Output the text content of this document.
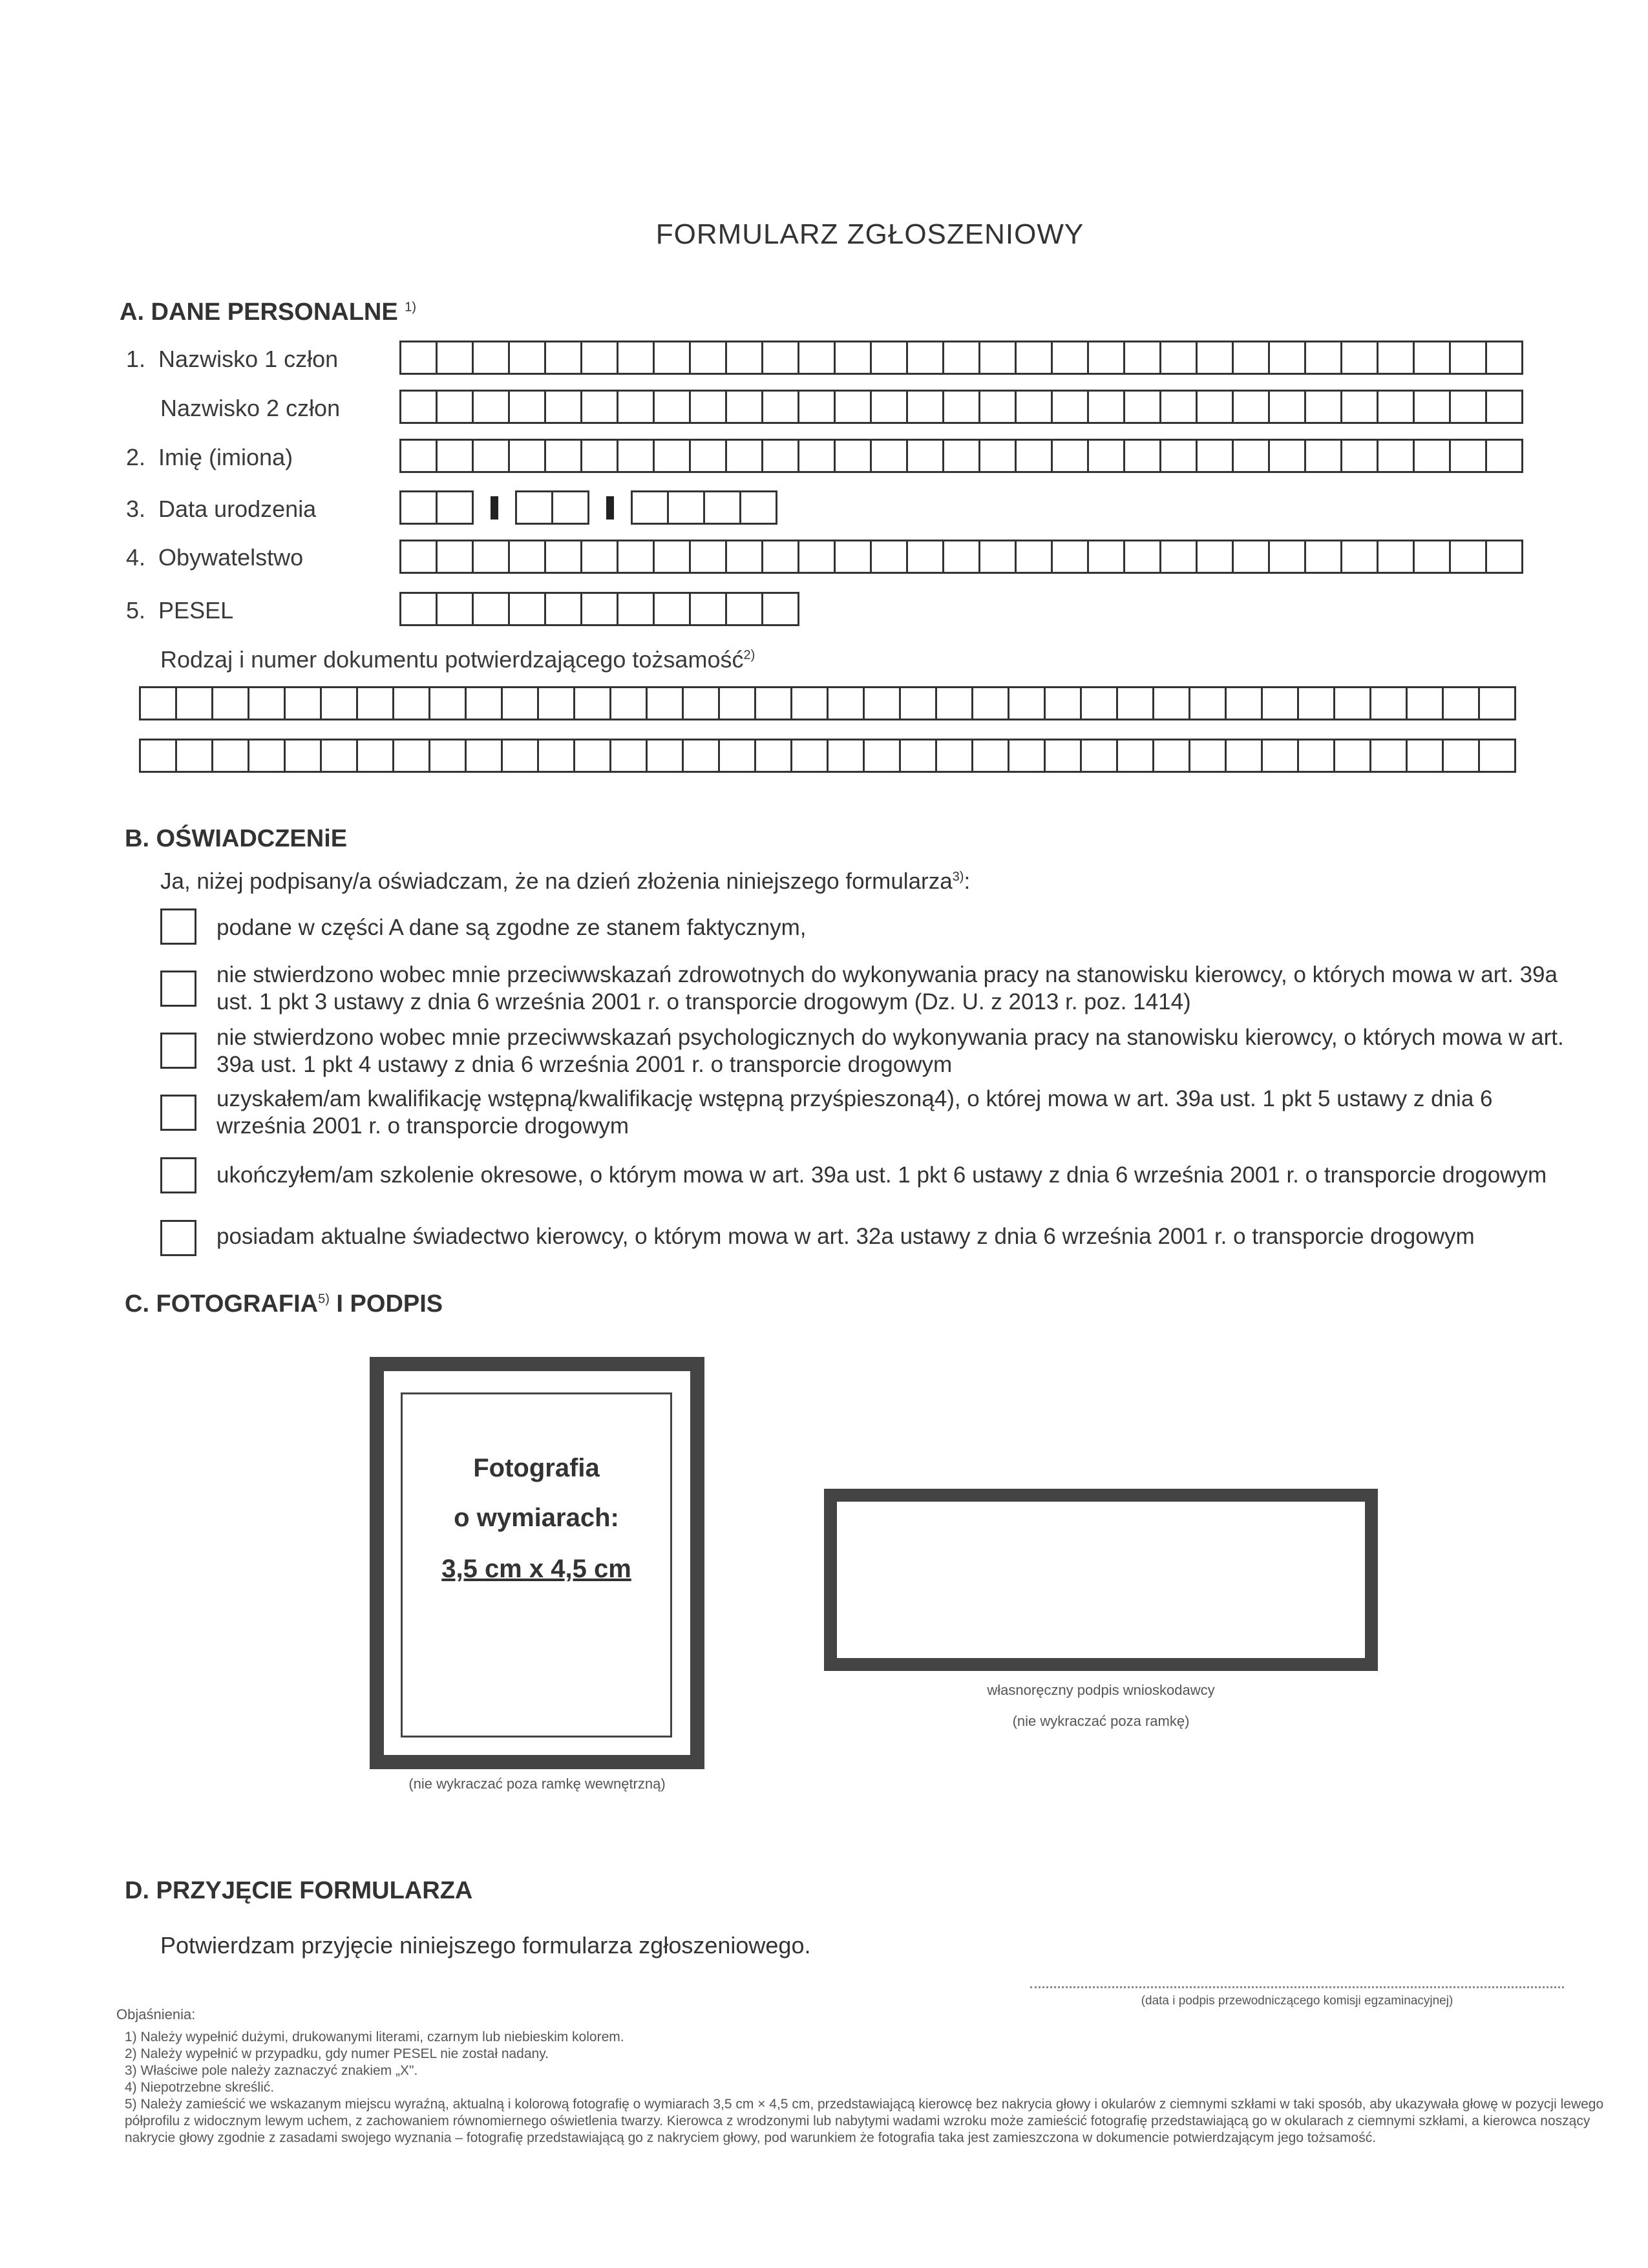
FORMULARZ ZGŁOSZENIOWY
A. DANE PERSONALNE $^{1)}$
1. Nazwisko 1 człon
Nazwisko 2 człon
2. Imię (imiona)
3. Data urodzenia
4. Obywatelstwo
5. PESEL
Rodzaj i numer dokumentu potwierdzającego tożsamość$^{2)}$
B. OŚWIADCZENiE
Ja, niżej podpisany/a oświadczam, że na dzień złożenia niniejszego formularza$^{3)}$:
podane w części A dane są zgodne ze stanem faktycznym,
nie stwierdzono wobec mnie przeciwwskazań zdrowotnych do wykonywania pracy na stanowisku kierowcy, o których mowa w art. 39a ust. 1 pkt 3 ustawy z dnia 6 września 2001 r. o transporcie drogowym (Dz. U. z 2013 r. poz. 1414)
nie stwierdzono wobec mnie przeciwwskazań psychologicznych do wykonywania pracy na stanowisku kierowcy, o których mowa w art. 39a ust. 1 pkt 4 ustawy z dnia 6 września 2001 r. o transporcie drogowym
uzyskałem/am kwalifikację wstępną/kwalifikację wstępną przyśpieszoną4), o której mowa w art. 39a ust. 1 pkt 5 ustawy z dnia 6 września 2001 r. o transporcie drogowym
ukończyłem/am szkolenie okresowe, o którym mowa w art. 39a ust. 1 pkt 6 ustawy z dnia 6 września 2001 r. o transporcie drogowym
posiadam aktualne świadectwo kierowcy, o którym mowa w art. 32a ustawy z dnia 6 września 2001 r. o transporcie drogowym
C. FOTOGRAFIA$^{5)}$ I PODPIS
Fotografia
o wymiarach:
3,5 cm x 4,5 cm
(nie wykraczać poza ramkę wewnętrzną)
własnoręczny podpis wnioskodawcy
(nie wykraczać poza ramkę)
D. PRZYJĘCIE FORMULARZA
Potwierdzam przyjęcie niniejszego formularza zgłoszeniowego.
(data i podpis przewodniczącego komisji egzaminacyjnej)
Objaśnienia:
1) Należy wypełnić dużymi, drukowanymi literami, czarnym lub niebieskim kolorem.
2) Należy wypełnić w przypadku, gdy numer PESEL nie został nadany.
3) Właściwe pole należy zaznaczyć znakiem „X".
4) Niepotrzebne skreślić.
5) Należy zamieścić we wskazanym miejscu wyraźną, aktualną i kolorową fotografię o wymiarach 3,5 cm × 4,5 cm, przedstawiającą kierowcę bez nakrycia głowy i okularów z ciemnymi szkłami w taki sposób, aby ukazywała głowę w pozycji lewego półprofilu z widocznym lewym uchem, z zachowaniem równomiernego oświetlenia twarzy. Kierowca z wrodzonymi lub nabytymi wadami wzroku może zamieścić fotografię przedstawiającą go w okularach z ciemnymi szkłami, a kierowca noszący nakrycie głowy zgodnie z zasadami swojego wyznania – fotografię przedstawiającą go z nakryciem głowy, pod warunkiem że fotografia taka jest zamieszczona w dokumencie potwierdzającym jego tożsamość.
